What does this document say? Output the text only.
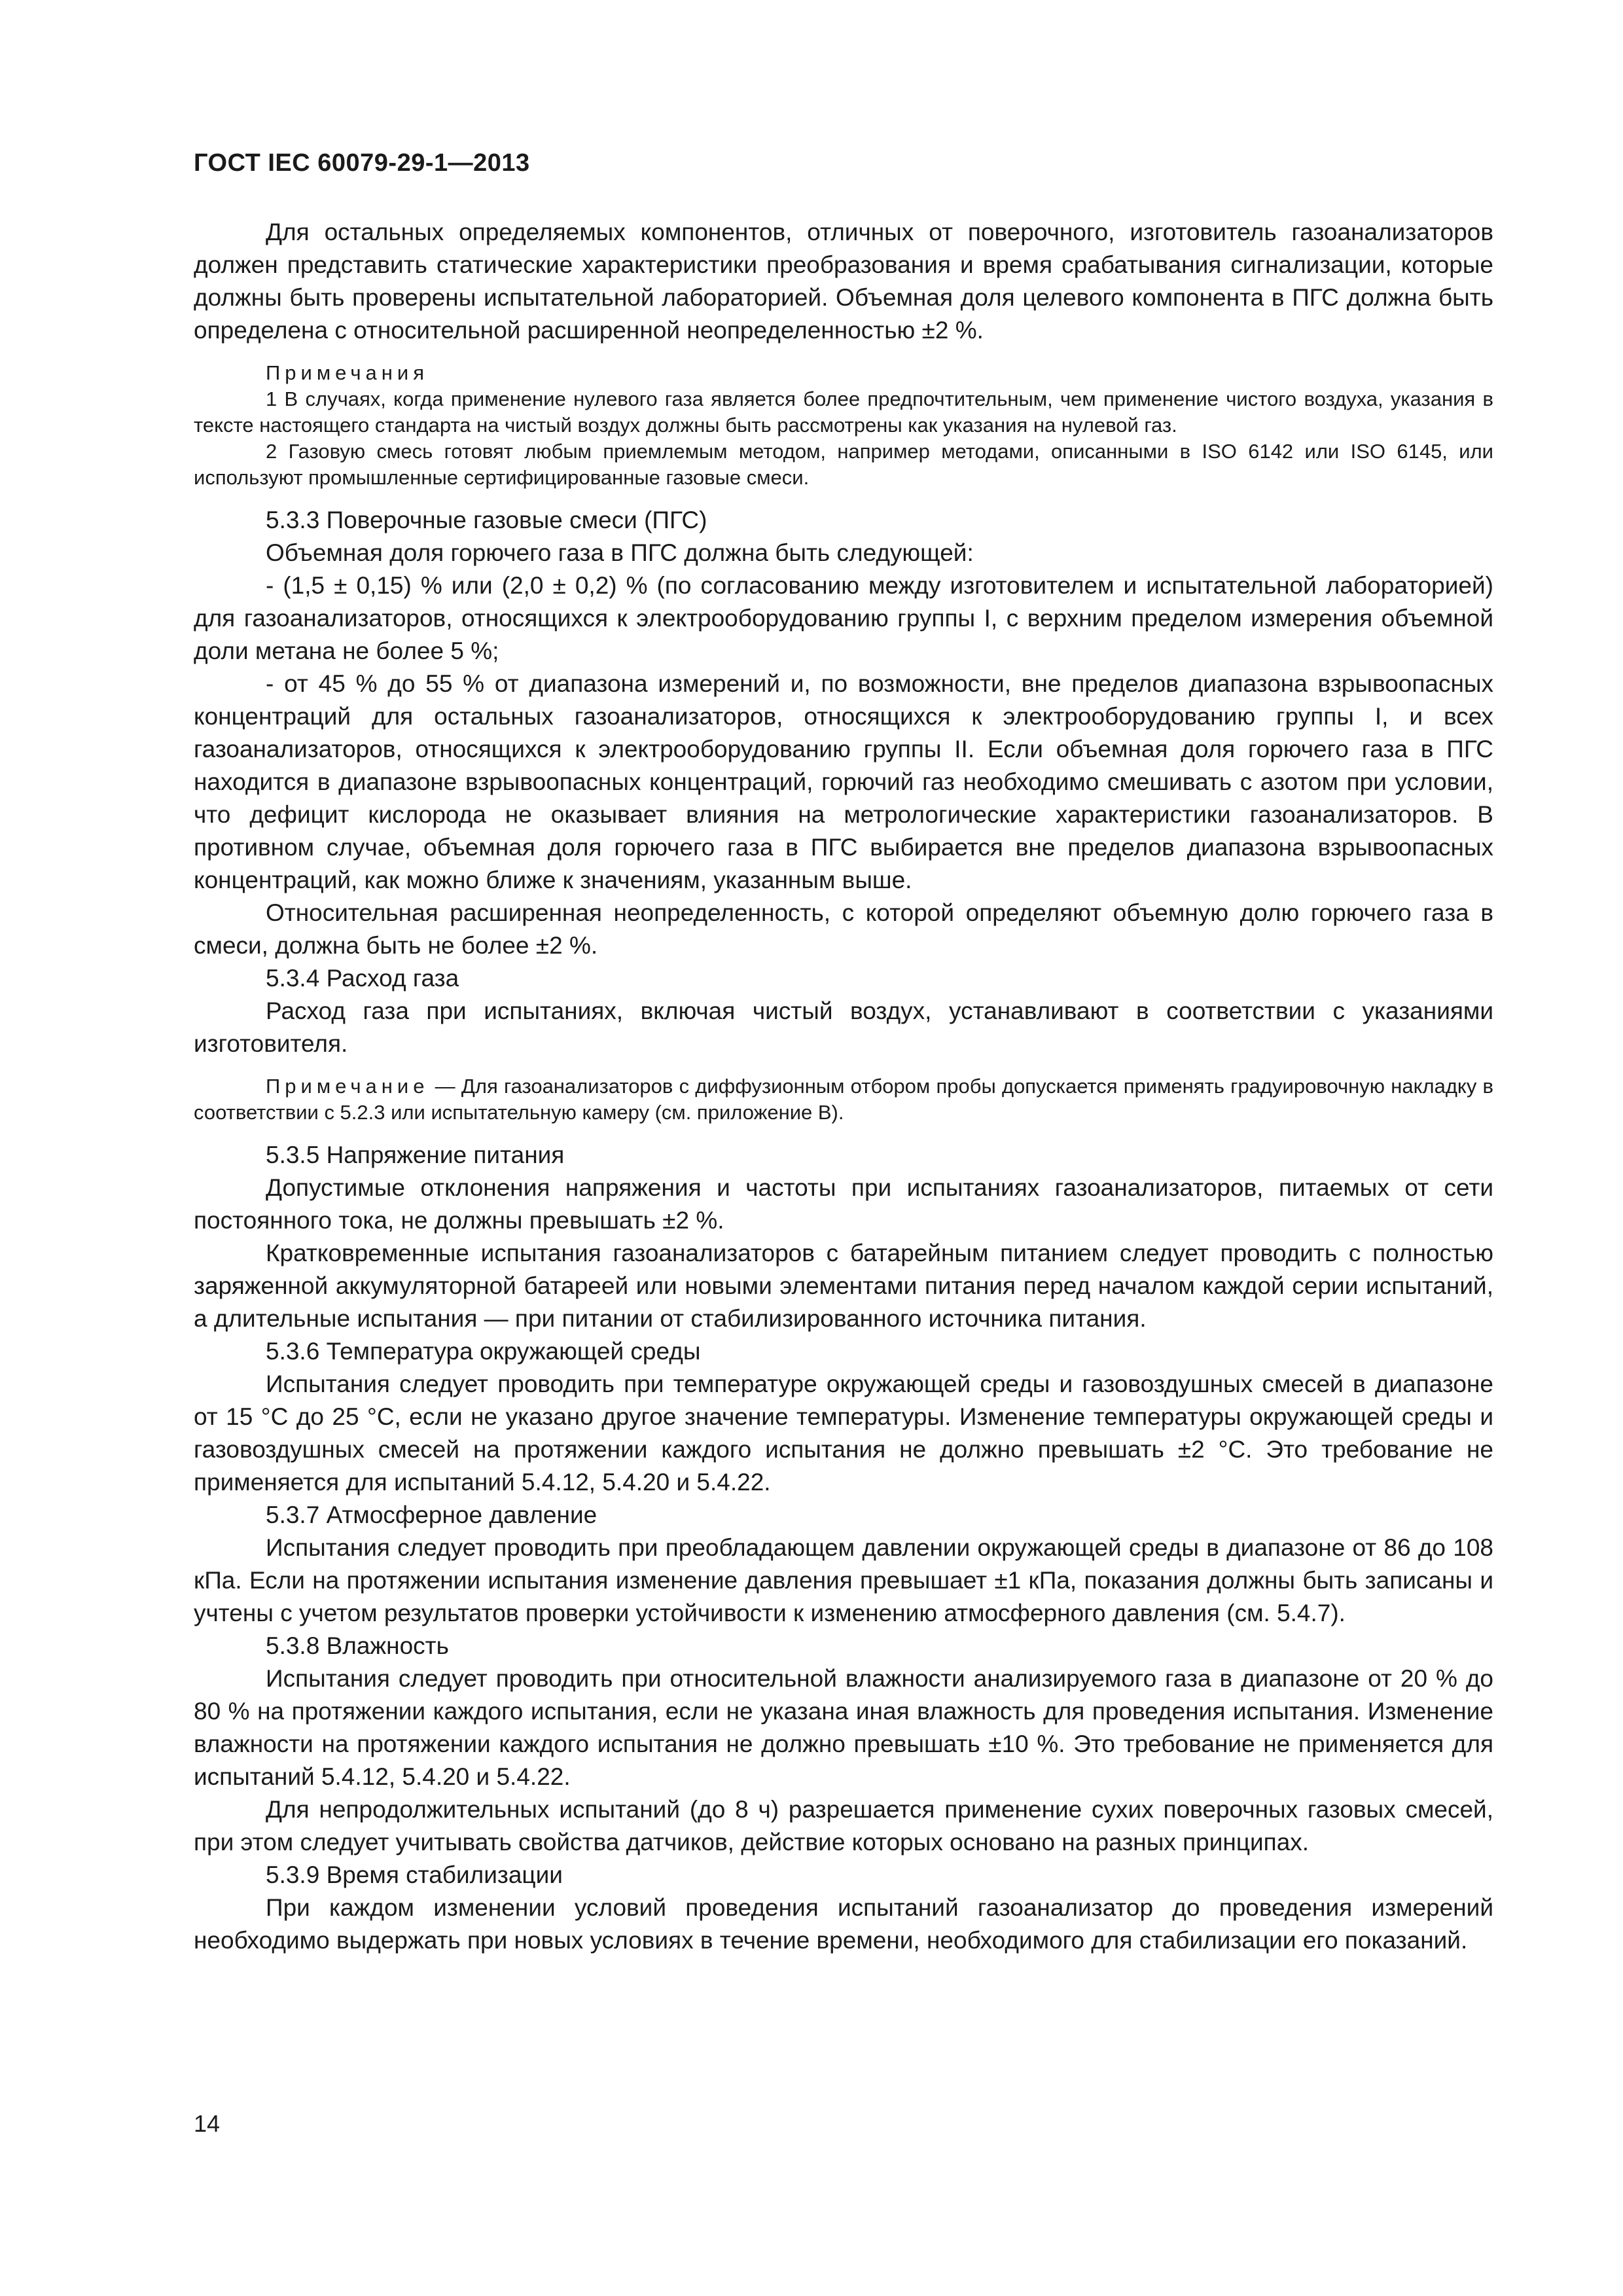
ГОСТ IEC 60079-29-1—2013

Для остальных определяемых компонентов, отличных от поверочного, изготовитель газоанализаторов должен представить статические характеристики преобразования и время срабатывания сигнализации, которые должны быть проверены испытательной лабораторией. Объемная доля целевого компонента в ПГС должна быть определена с относительной расширенной неопределенностью ±2 %.

Примечания

1 В случаях, когда применение нулевого газа является более предпочтительным, чем применение чистого воздуха, указания в тексте настоящего стандарта на чистый воздух должны быть рассмотрены как указания на нулевой газ.

2 Газовую смесь готовят любым приемлемым методом, например методами, описанными в ISO 6142 или ISO 6145, или используют промышленные сертифицированные газовые смеси.

5.3.3 Поверочные газовые смеси (ПГС)

Объемная доля горючего газа в ПГС должна быть следующей:

- (1,5 ± 0,15) % или (2,0 ± 0,2) % (по согласованию между изготовителем и испытательной лабораторией) для газоанализаторов, относящихся к электрооборудованию группы I, с верхним пределом измерения объемной доли метана не более 5 %;

- от 45 % до 55 % от диапазона измерений и, по возможности, вне пределов диапазона взрывоопасных концентраций для остальных газоанализаторов, относящихся к электрооборудованию группы I, и всех газоанализаторов, относящихся к электрооборудованию группы II. Если объемная доля горючего газа в ПГС находится в диапазоне взрывоопасных концентраций, горючий газ необходимо смешивать с азотом при условии, что дефицит кислорода не оказывает влияния на метрологические характеристики газоанализаторов. В противном случае, объемная доля горючего газа в ПГС выбирается вне пределов диапазона взрывоопасных концентраций, как можно ближе к значениям, указанным выше.

Относительная расширенная неопределенность, с которой определяют объемную долю горючего газа в смеси, должна быть не более ±2 %.

5.3.4 Расход газа

Расход газа при испытаниях, включая чистый воздух, устанавливают в соответствии с указаниями изготовителя.

Примечание — Для газоанализаторов с диффузионным отбором пробы допускается применять градуировочную накладку в соответствии с 5.2.3 или испытательную камеру (см. приложение В).

5.3.5 Напряжение питания

Допустимые отклонения напряжения и частоты при испытаниях газоанализаторов, питаемых от сети постоянного тока, не должны превышать ±2 %.

Кратковременные испытания газоанализаторов с батарейным питанием следует проводить с полностью заряженной аккумуляторной батареей или новыми элементами питания перед началом каждой серии испытаний, а длительные испытания — при питании от стабилизированного источника питания.

5.3.6 Температура окружающей среды

Испытания следует проводить при температуре окружающей среды и газовоздушных смесей в диапазоне от 15 °С до 25 °С, если не указано другое значение температуры. Изменение температуры окружающей среды и газовоздушных смесей на протяжении каждого испытания не должно превышать ±2 °С. Это требование не применяется для испытаний 5.4.12, 5.4.20 и 5.4.22.

5.3.7 Атмосферное давление

Испытания следует проводить при преобладающем давлении окружающей среды в диапазоне от 86 до 108 кПа. Если на протяжении испытания изменение давления превышает ±1 кПа, показания должны быть записаны и учтены с учетом результатов проверки устойчивости к изменению атмосферного давления (см. 5.4.7).

5.3.8 Влажность

Испытания следует проводить при относительной влажности анализируемого газа в диапазоне от 20 % до 80 % на протяжении каждого испытания, если не указана иная влажность для проведения испытания. Изменение влажности на протяжении каждого испытания не должно превышать ±10 %. Это требование не применяется для испытаний 5.4.12, 5.4.20 и 5.4.22.

Для непродолжительных испытаний (до 8 ч) разрешается применение сухих поверочных газовых смесей, при этом следует учитывать свойства датчиков, действие которых основано на разных принципах.

5.3.9 Время стабилизации

При каждом изменении условий проведения испытаний газоанализатор до проведения измерений необходимо выдержать при новых условиях в течение времени, необходимого для стабилизации его показаний.

14
